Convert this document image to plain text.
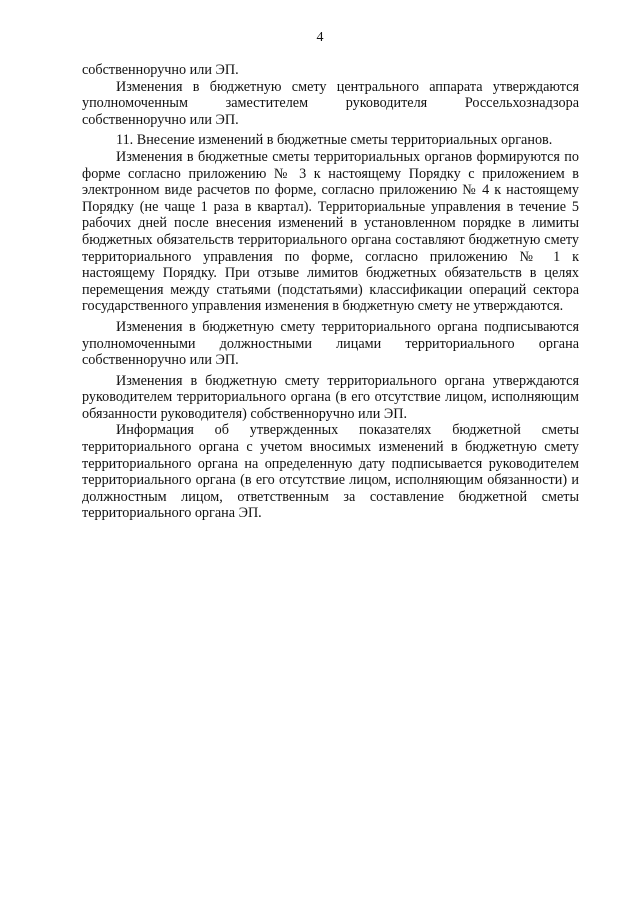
4

собственноручно или ЭП.

Изменения в бюджетную смету центрального аппарата утверждаются уполномоченным заместителем руководителя Россельхознадзора собственноручно или ЭП.

11. Внесение изменений в бюджетные сметы территориальных органов.

Изменения в бюджетные сметы территориальных органов формируются по форме согласно приложению № 3 к настоящему Порядку с приложением в электронном виде расчетов по форме, согласно приложению № 4 к настоящему Порядку (не чаще 1 раза в квартал). Территориальные управления в течение 5 рабочих дней после внесения изменений в установленном порядке в лимиты бюджетных обязательств территориального органа составляют бюджетную смету территориального управления по форме, согласно приложению № 1 к настоящему Порядку. При отзыве лимитов бюджетных обязательств в целях перемещения между статьями (подстатьями) классификации операций сектора государственного управления изменения в бюджетную смету не утверждаются.

Изменения в бюджетную смету территориального органа подписываются уполномоченными должностными лицами территориального органа собственноручно или ЭП.

Изменения в бюджетную смету территориального органа утверждаются руководителем территориального органа (в его отсутствие лицом, исполняющим обязанности руководителя) собственноручно или ЭП.

Информация об утвержденных показателях бюджетной сметы территориального органа с учетом вносимых изменений в бюджетную смету территориального органа на определенную дату подписывается руководителем территориального органа (в его отсутствие лицом, исполняющим обязанности) и должностным лицом, ответственным за составление бюджетной сметы территориального органа ЭП.
